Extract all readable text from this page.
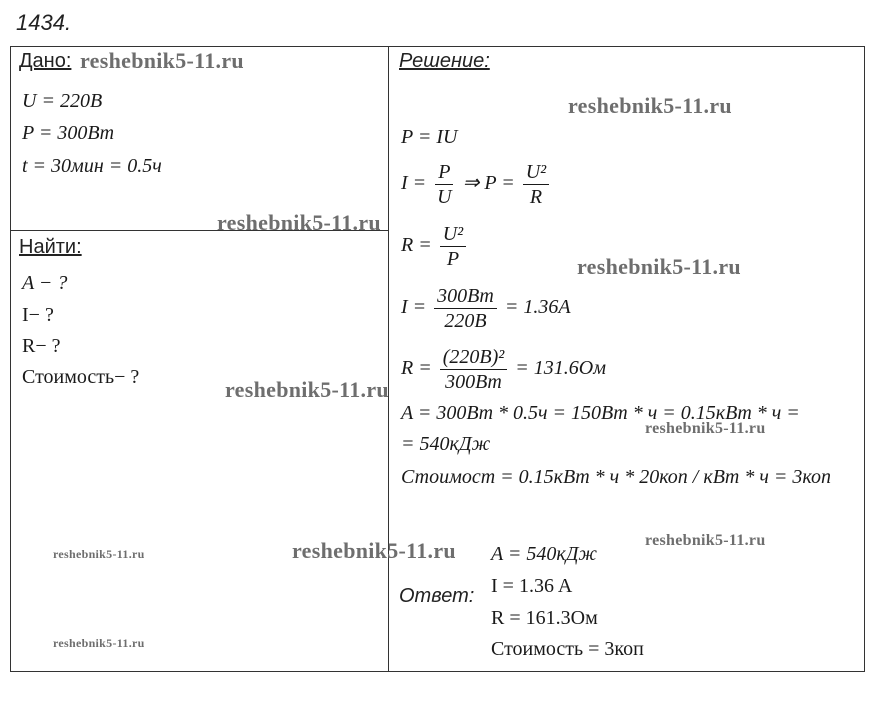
1434.
Дано:
U = 220B
P = 300Bт
t = 30мин = 0.5ч
Найти:
A − ?
I− ?
R− ?
Стоимость− ?
Решение:
P = IU
$I = \frac{P}{U}$ ⇒ $P = \frac{\text{U²}}{R}$
$R = \frac{\text{U²}}{P}$
$I = \frac{300Bт}{220B} = 1.36A$
$R = \frac{\text{(220B)²}}{300Bт} = 131.6Ом$
A = 300Bт * 0.5ч = 150Bт * ч = 0.15кBт * ч =
= 540кДж
Стоимост = 0.15кBт * ч * 20коп / кBт * ч = 3коп
Ответ:
A = 540кДж
I = 1.36 A
R = 161.3Ом
Стоимость = 3коп
reshebnik5-11.ru
reshebnik5-11.ru
reshebnik5-11.ru
reshebnik5-11.ru
reshebnik5-11.ru
reshebnik5-11.ru
reshebnik5-11.ru	reshebnik5-11.ru
reshebnik5-11.ru
reshebnik5-11.ru
